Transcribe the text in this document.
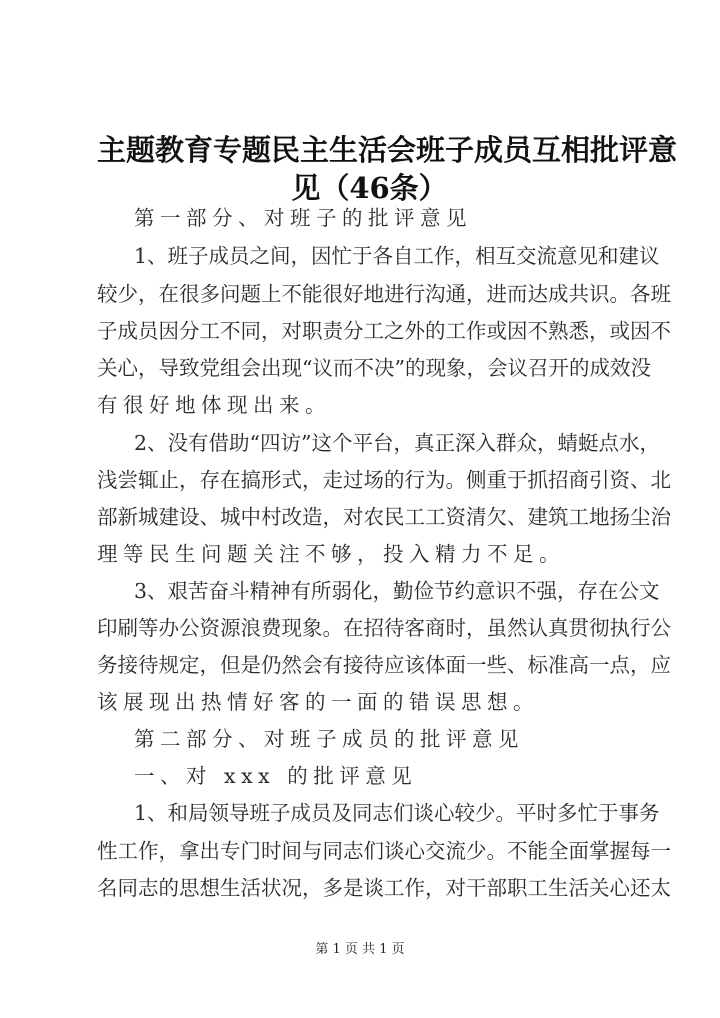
主题教育专题民主生活会班子成员互相批评意
见（46条）
第一部分、对班子的批评意见
1、班子成员之间，因忙于各自工作，相互交流意见和建议
较少，在很多问题上不能很好地进行沟通，进而达成共识。各班
子成员因分工不同，对职责分工之外的工作或因不熟悉，或因不
关心，导致党组会出现“议而不决”的现象，会议召开的成效没
有很好地体现出来。
2、没有借助“四访”这个平台，真正深入群众，蜻蜓点水，
浅尝辄止，存在搞形式，走过场的行为。侧重于抓招商引资、北
部新城建设、城中村改造，对农民工工资清欠、建筑工地扬尘治
理等民生问题关注不够，投入精力不足。
3、艰苦奋斗精神有所弱化，勤俭节约意识不强，存在公文
印刷等办公资源浪费现象。在招待客商时，虽然认真贯彻执行公
务接待规定，但是仍然会有接待应该体面一些、标准高一点，应
该展现出热情好客的一面的错误思想。
第二部分、对班子成员的批评意见
一、对 xxx 的批评意见
1、和局领导班子成员及同志们谈心较少。平时多忙于事务
性工作，拿出专门时间与同志们谈心交流少。不能全面掌握每一
名同志的思想生活状况，多是谈工作，对干部职工生活关心还太
第 1 页 共 1 页
